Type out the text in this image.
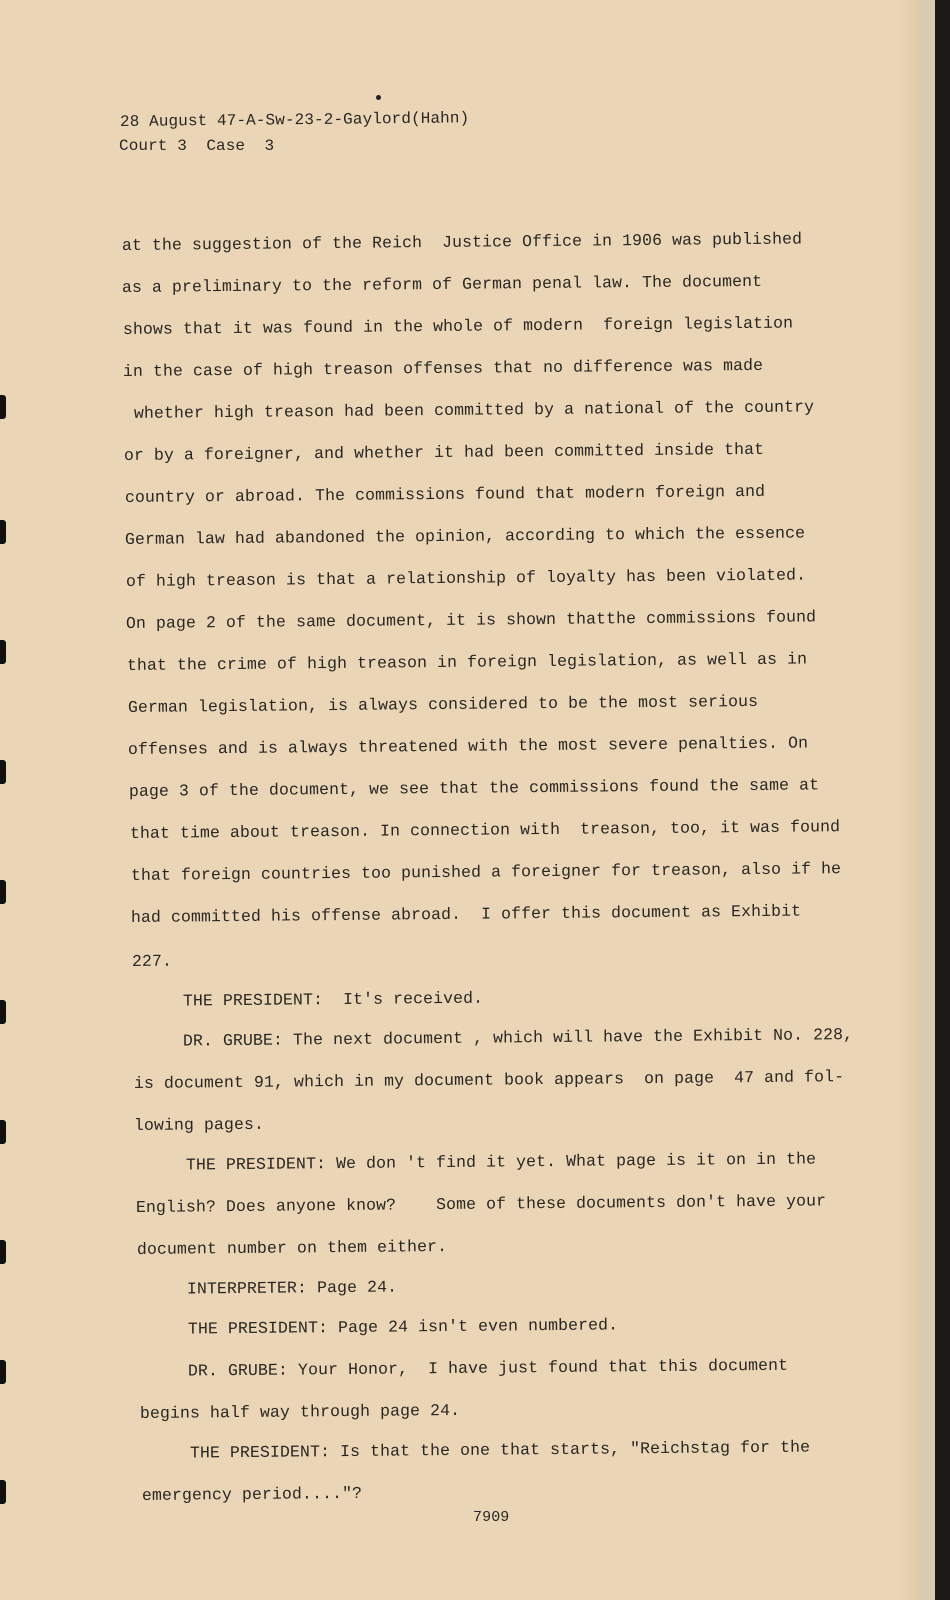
28 August 47-A-Sw-23-2-Gaylord(Hahn)

Court 3  Case  3

at the suggestion of the Reich  Justice Office in 1906 was published

as a preliminary to the reform of German penal law. The document

shows that it was found in the whole of modern  foreign legislation

in the case of high treason offenses that no difference was made

whether high treason had been committed by a national of the country

or by a foreigner, and whether it had been committed inside that

country or abroad. The commissions found that modern foreign and

German law had abandoned the opinion, according to which the essence

of high treason is that a relationship of loyalty has been violated.

On page 2 of the same document, it is shown thatthe commissions found

that the crime of high treason in foreign legislation, as well as in

German legislation, is always considered to be the most serious

offenses and is always threatened with the most severe penalties. On

page 3 of the document, we see that the commissions found the same at

that time about treason. In connection with  treason, too, it was found

that foreign countries too punished a foreigner for treason, also if he

had committed his offense abroad.  I offer this document as Exhibit

227.

THE PRESIDENT:  It's received.

DR. GRUBE: The next document , which will have the Exhibit No. 228,

is document 91, which in my document book appears  on page  47 and fol-

lowing pages.

THE PRESIDENT: We don 't find it yet. What page is it on in the

English? Does anyone know?    Some of these documents don't have your

document number on them either.

INTERPRETER: Page 24.

THE PRESIDENT: Page 24 isn't even numbered.

DR. GRUBE: Your Honor,  I have just found that this document

begins half way through page 24.

THE PRESIDENT: Is that the one that starts, "Reichstag for the

emergency period...."?

7909
